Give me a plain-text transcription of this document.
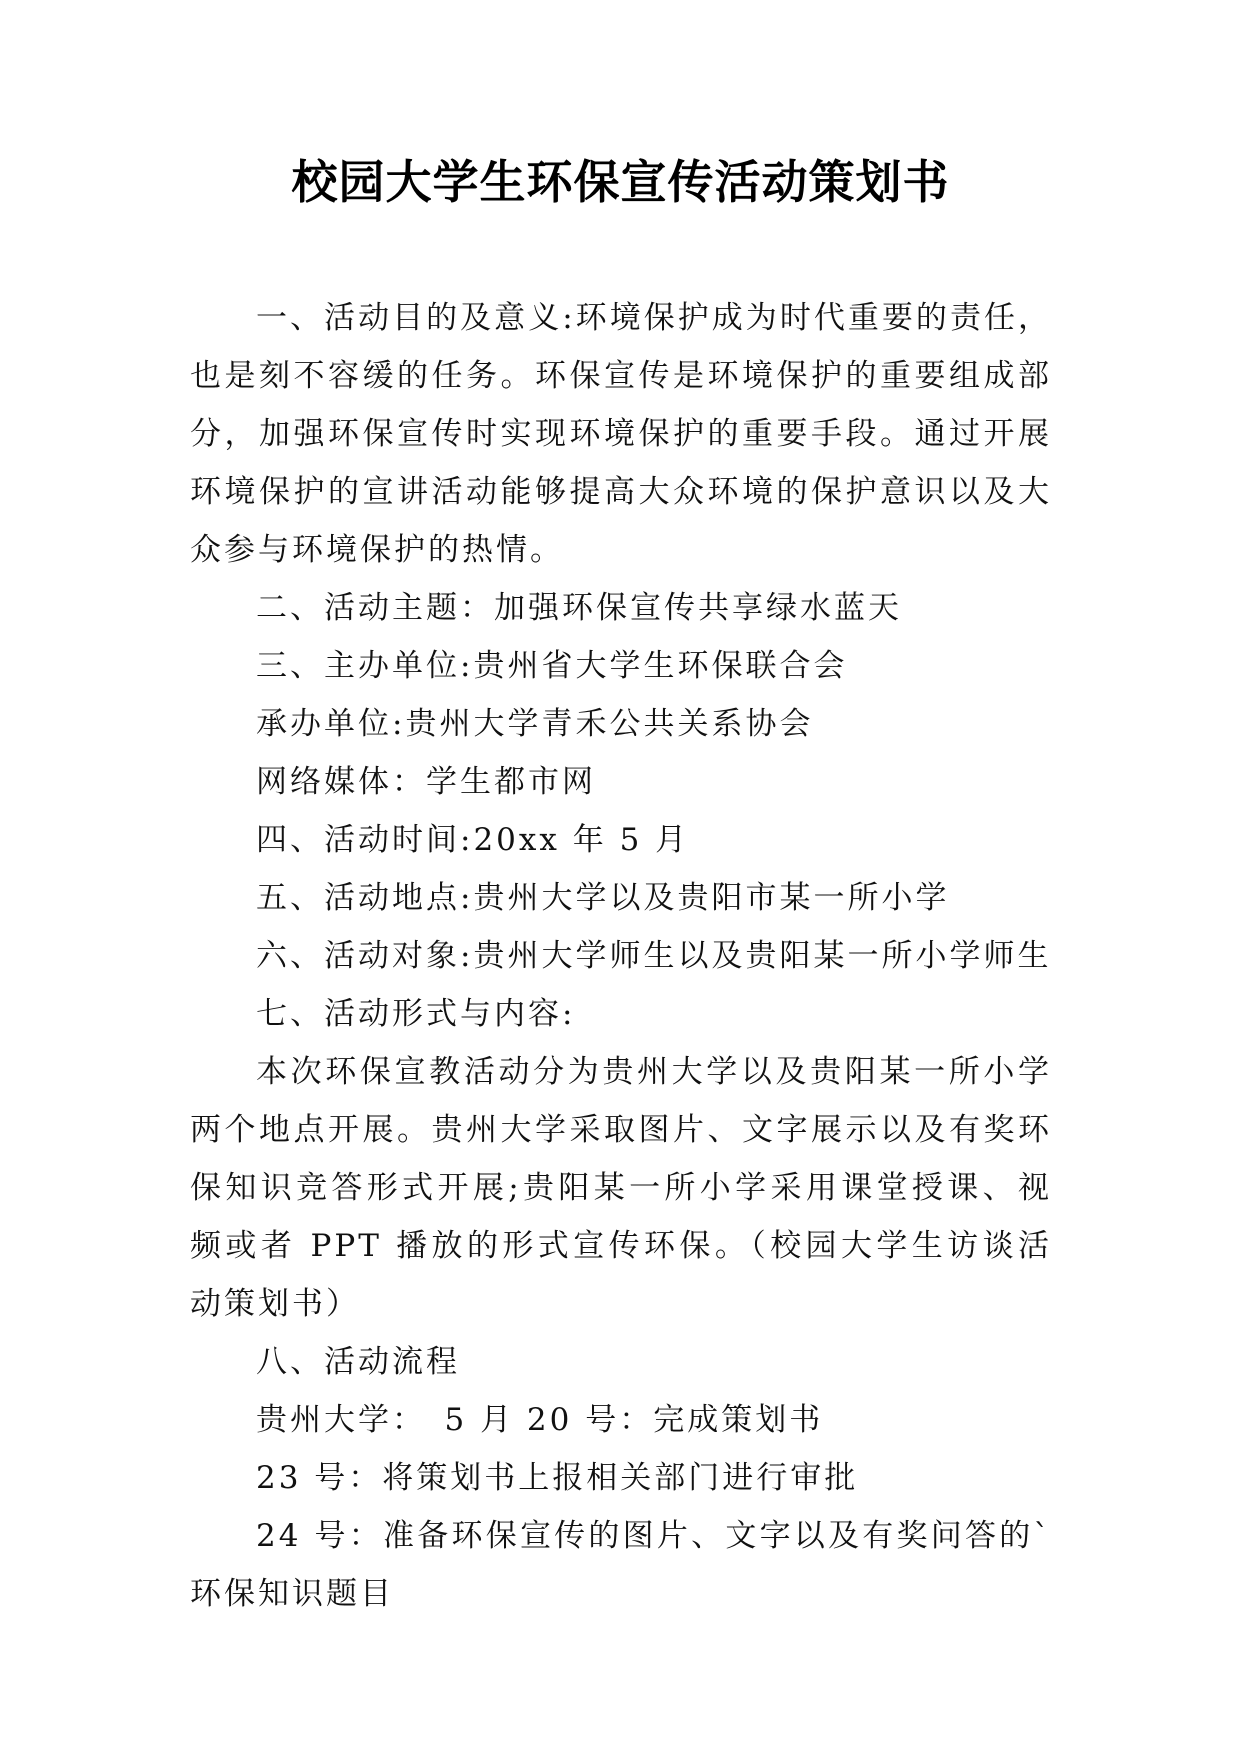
校园大学生环保宣传活动策划书

一、活动目的及意义:环境保护成为时代重要的责任，也是刻不容缓的任务。环保宣传是环境保护的重要组成部分，加强环保宣传时实现环境保护的重要手段。通过开展环境保护的宣讲活动能够提高大众环境的保护意识以及大众参与环境保护的热情。

二、活动主题：加强环保宣传共享绿水蓝天

三、主办单位:贵州省大学生环保联合会

承办单位:贵州大学青禾公共关系协会

网络媒体：学生都市网

四、活动时间:20xx 年 5 月

五、活动地点:贵州大学以及贵阳市某一所小学

六、活动对象:贵州大学师生以及贵阳某一所小学师生

七、活动形式与内容:

本次环保宣教活动分为贵州大学以及贵阳某一所小学两个地点开展。贵州大学采取图片、文字展示以及有奖环保知识竞答形式开展;贵阳某一所小学采用课堂授课、视频或者 PPT 播放的形式宣传环保。（校园大学生访谈活动策划书）

八、活动流程

贵州大学：　5 月 20 号：完成策划书

23 号：将策划书上报相关部门进行审批

24 号：准备环保宣传的图片、文字以及有奖问答的`环保知识题目
